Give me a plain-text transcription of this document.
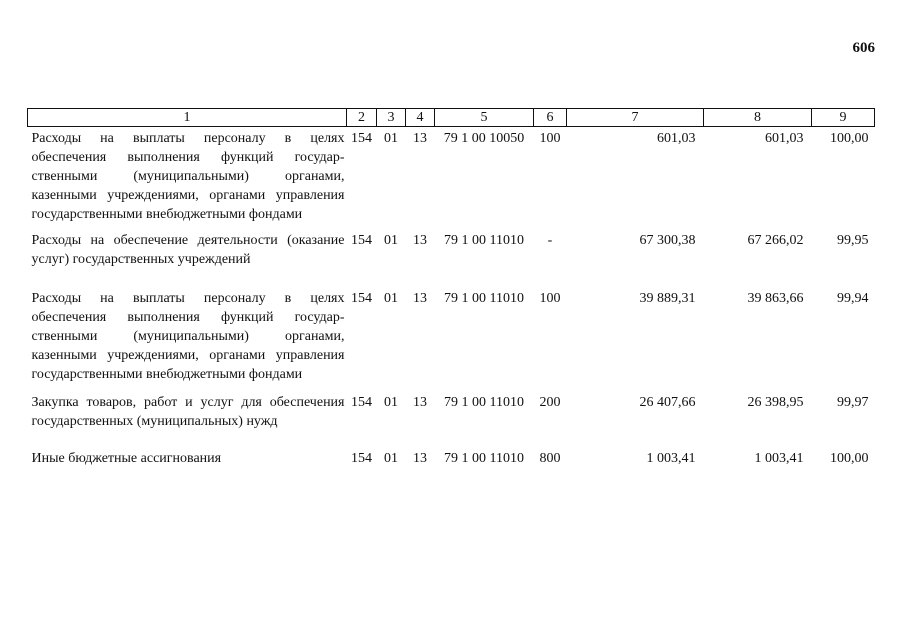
606
1	2	3	4	5	6	7	8	9
Расходы на выплаты персоналу в целях обеспечения выполнения функций государ-ственными (муниципальными) органами, казенными учреждениями, органами управления государственными внебюджетными фондами	154	01	13	79 1 00 10050	100	601,03	601,03	100,00
Расходы на обеспечение деятельности (оказание услуг) государственных учреждений	154	01	13	79 1 00 11010	-	67 300,38	67 266,02	99,95
Расходы на выплаты персоналу в целях обеспечения выполнения функций государ-ственными (муниципальными) органами, казенными учреждениями, органами управления государственными внебюджетными фондами	154	01	13	79 1 00 11010	100	39 889,31	39 863,66	99,94
Закупка товаров, работ и услуг для обеспечения государственных (муниципальных) нужд	154	01	13	79 1 00 11010	200	26 407,66	26 398,95	99,97
Иные бюджетные ассигнования	154	01	13	79 1 00 11010	800	1 003,41	1 003,41	100,00
